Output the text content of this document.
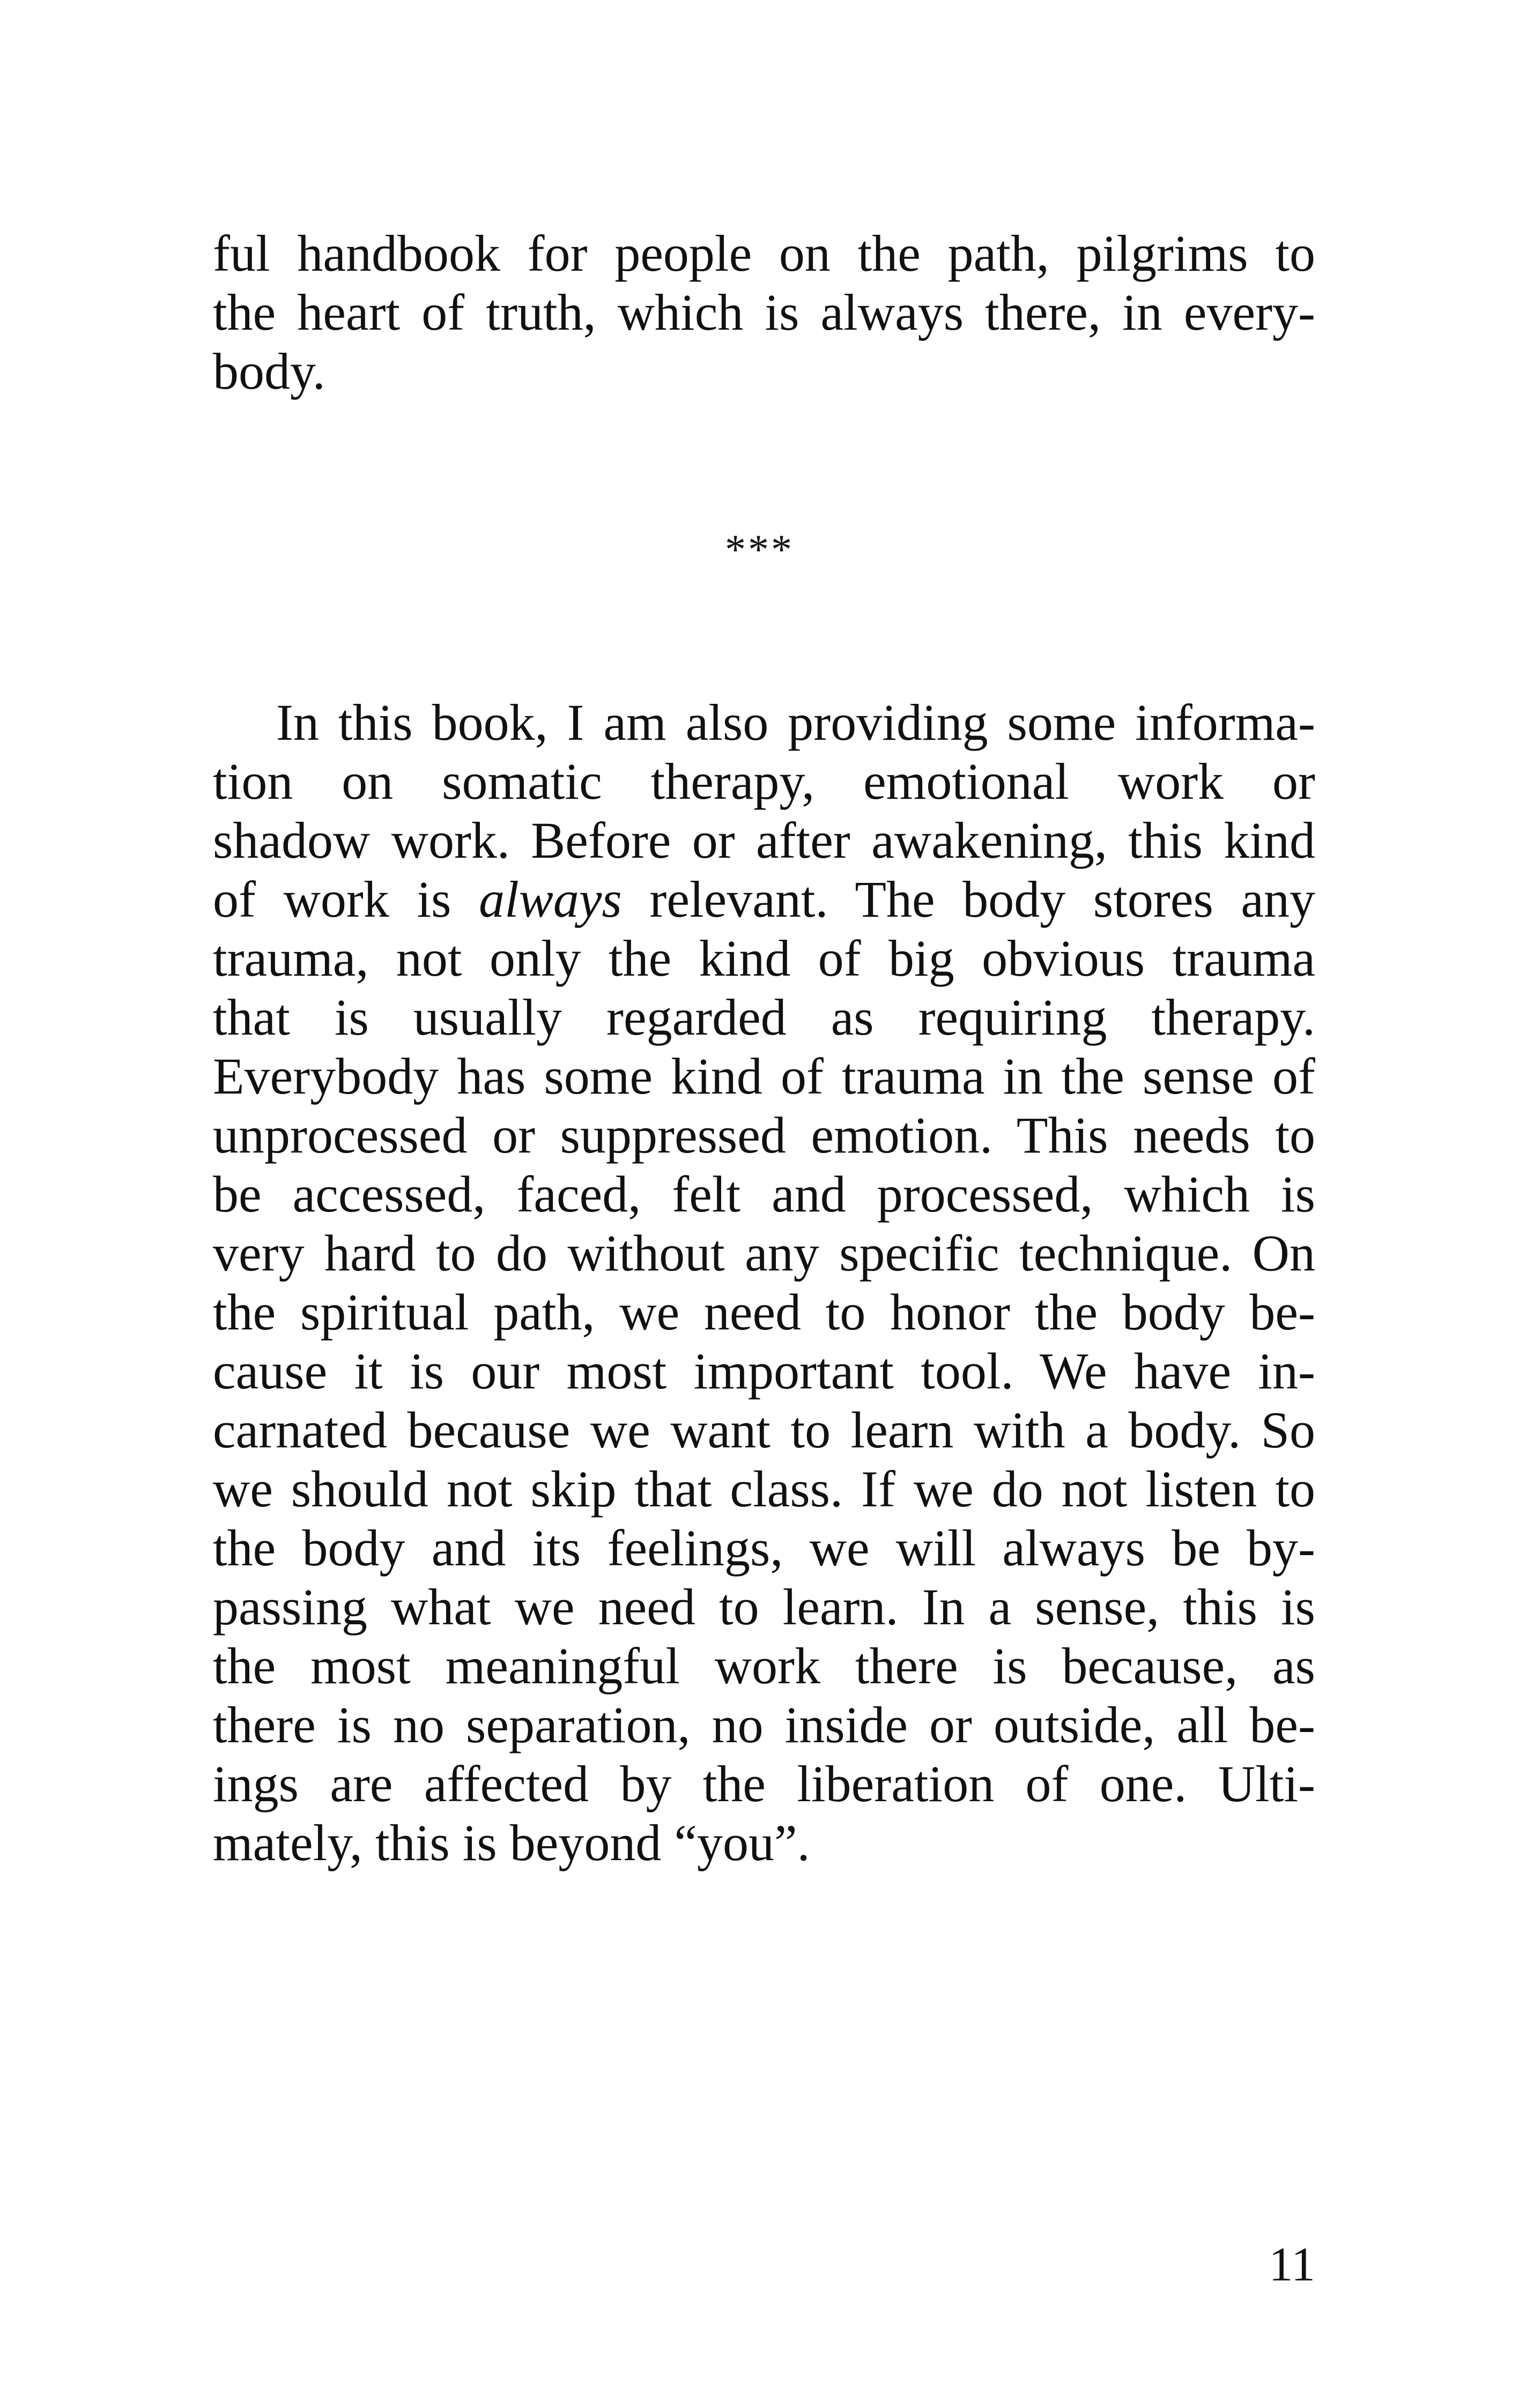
ful handbook for people on the path, pilgrims to
the heart of truth, which is always there, in every-
body.
***
In this book, I am also providing some informa-
tion on somatic therapy, emotional work or
shadow work. Before or after awakening, this kind
of work is always relevant. The body stores any
trauma, not only the kind of big obvious trauma
that is usually regarded as requiring therapy.
Everybody has some kind of trauma in the sense of
unprocessed or suppressed emotion. This needs to
be accessed, faced, felt and processed, which is
very hard to do without any specific technique. On
the spiritual path, we need to honor the body be-
cause it is our most important tool. We have in-
carnated because we want to learn with a body. So
we should not skip that class. If we do not listen to
the body and its feelings, we will always be by-
passing what we need to learn. In a sense, this is
the most meaningful work there is because, as
there is no separation, no inside or outside, all be-
ings are affected by the liberation of one. Ulti-
mately, this is beyond “you”.
11
